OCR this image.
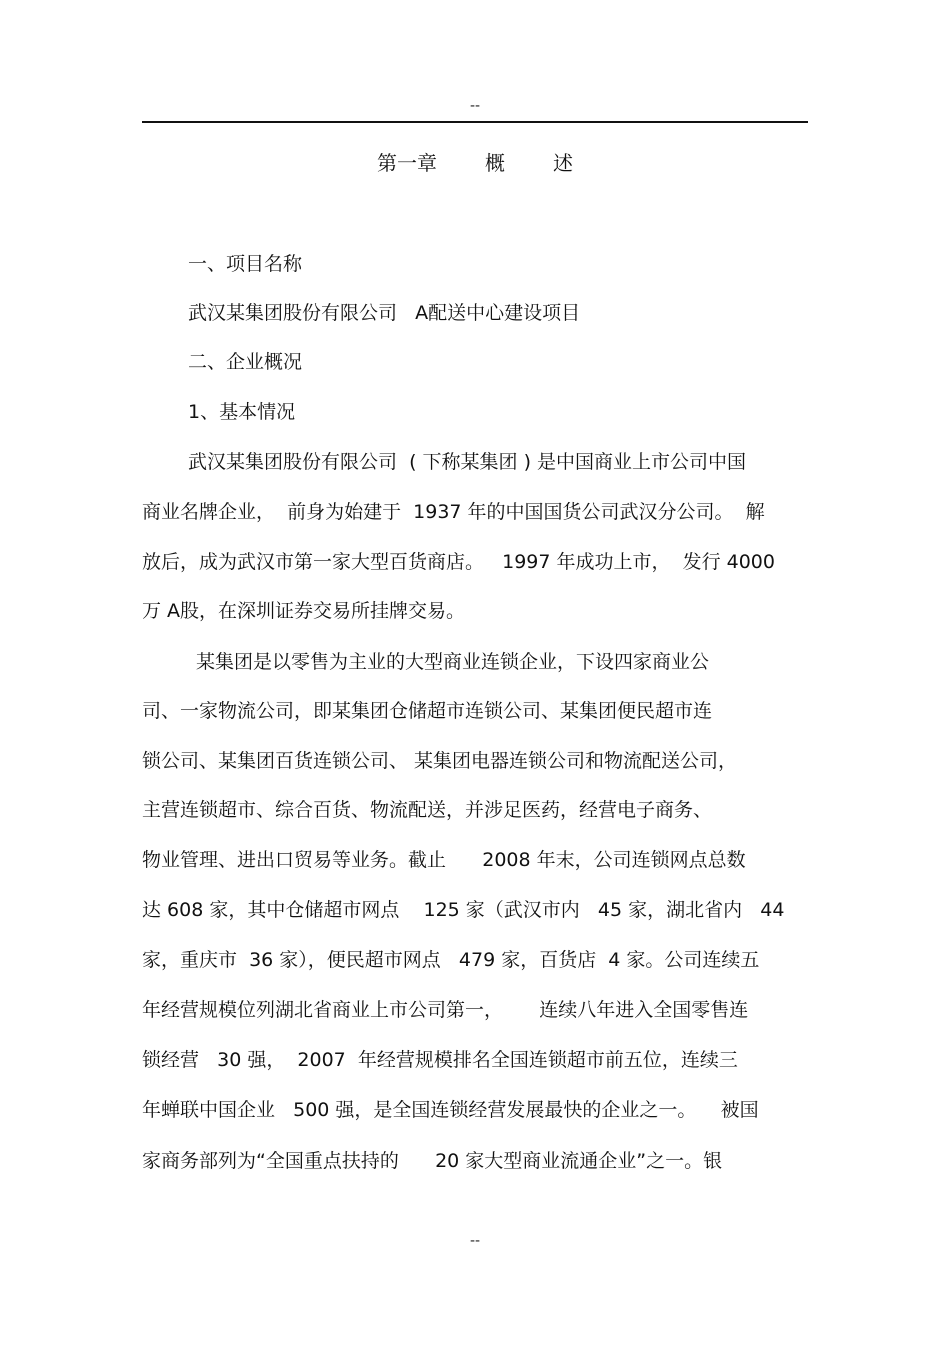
--
第一章 概 述
一、项目名称
武汉某集团股份有限公司   A配送中心建设项目
二、企业概况
1、基本情况
武汉某集团股份有限公司  ( 下称某集团 ) 是中国商业上市公司中国
商业名牌企业，  前身为始建于  1937 年的中国国货公司武汉分公司。  解
放后，成为武汉市第一家大型百货商店。   1997 年成功上市，  发行 4000
万 A股，在深圳证券交易所挂牌交易。
某集团是以零售为主业的大型商业连锁企业，下设四家商业公
司、一家物流公司，即某集团仓储超市连锁公司、某集团便民超市连
锁公司、某集团百货连锁公司、 某集团电器连锁公司和物流配送公司，
主营连锁超市、综合百货、物流配送，并涉足医药，经营电子商务、
物业管理、进出口贸易等业务。截止      2008 年末，公司连锁网点总数
达 608 家，其中仓储超市网点    125 家（武汉市内   45 家，湖北省内   44
家，重庆市  36 家），便民超市网点   479 家，百货店  4 家。公司连续五
年经营规模位列湖北省商业上市公司第一，      连续八年进入全国零售连
锁经营   30 强，  2007  年经营规模排名全国连锁超市前五位，连续三
年蝉联中国企业   500 强，是全国连锁经营发展最快的企业之一。    被国
家商务部列为“全国重点扶持的      20 家大型商业流通企业”之一。银
--
